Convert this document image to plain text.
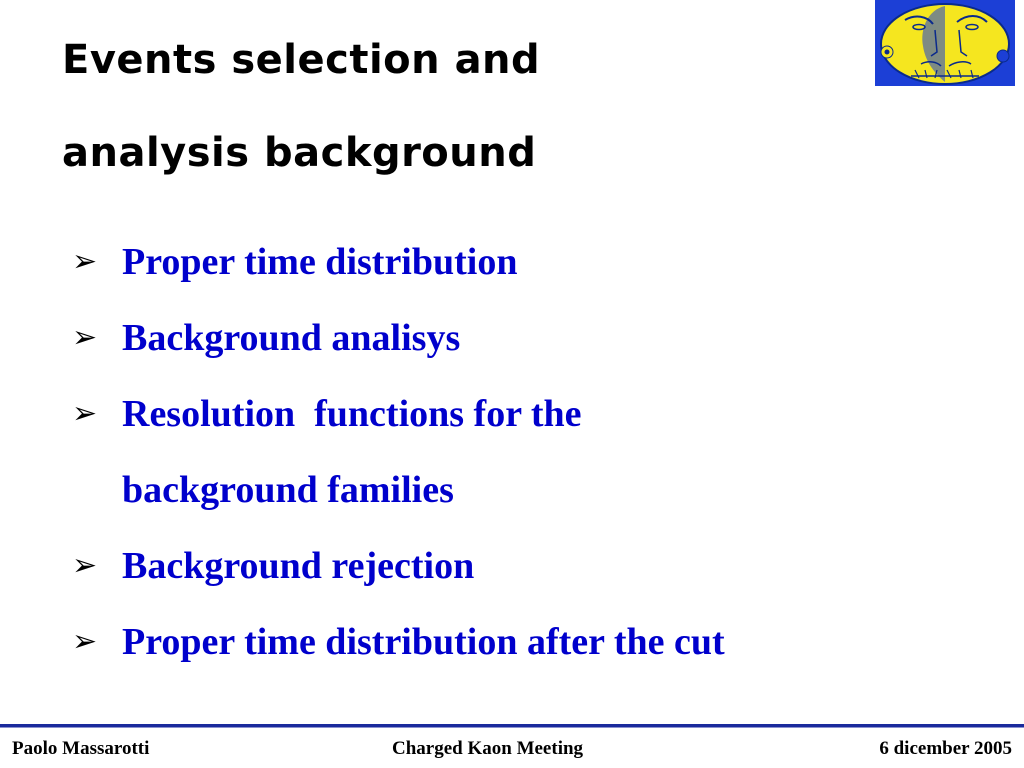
Events selection and
analysis background
➢ Proper time distribution
➢ Background analisys
➢ Resolution  functions for the
background families
➢ Background rejection
➢ Proper time distribution after the cut
Paolo Massarotti	Charged Kaon Meeting	6 dicember 2005
